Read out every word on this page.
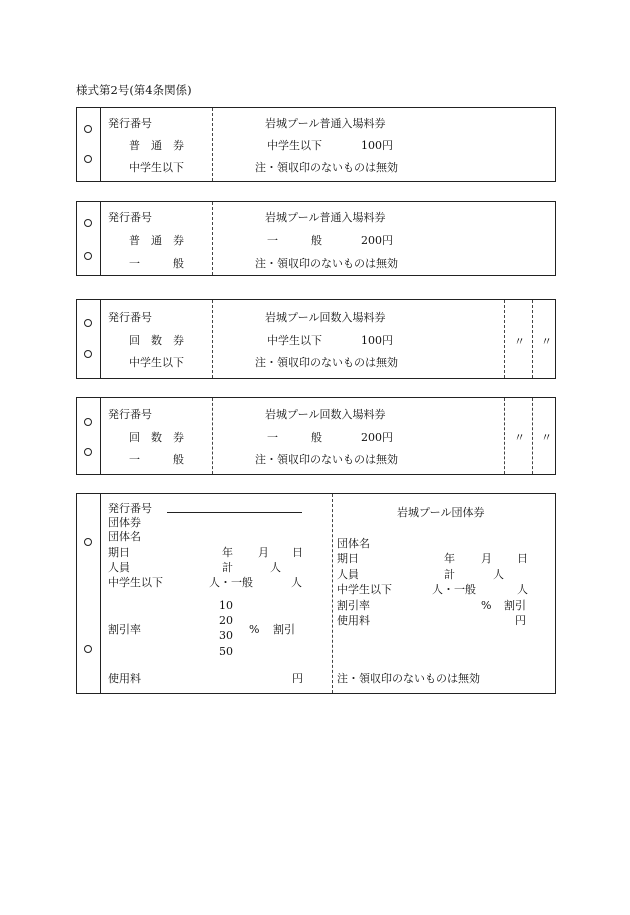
様式第2号(第4条関係)
発行番号
普　通　券
中学生以下
岩城プール普通入場料券
中学生以下	100円
注・領収印のないものは無効
発行番号
普　通　券
一　　　般
岩城プール普通入場料券
一　　　般	200円
注・領収印のないものは無効
発行番号
回　数　券
中学生以下
岩城プール回数入場料券
中学生以下	100円
注・領収印のないものは無効
〃 〃
発行番号
回　数　券
一　　　般
岩城プール回数入場料券
一　　　般	200円
注・領収印のないものは無効
〃 〃
発行番号
団体券
団体名
期日	年 月 日
人員	計	人
中学生以下	人・一般	人
10
20
30
50
割引率	% 割引
使用料	円
岩城プール団体券
団体名
期日	年 月 日
人員	計	人
中学生以下	人・一般	人
割引率	% 割引
使用料	円
注・領収印のないものは無効
